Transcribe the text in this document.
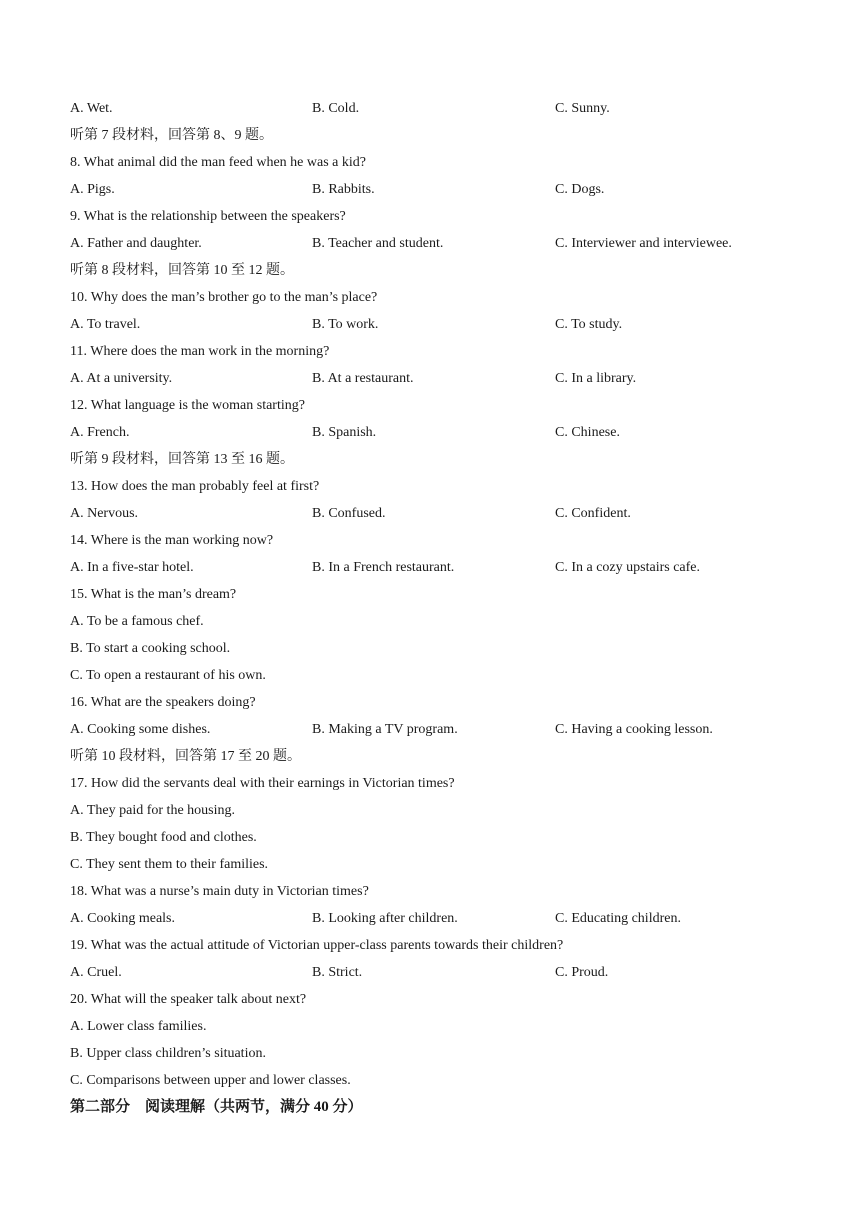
A. Wet.	B. Cold.	C. Sunny.
听第 7 段材料，回答第 8、9 题。
8. What animal did the man feed when he was a kid?
A. Pigs.	B. Rabbits.	C. Dogs.
9. What is the relationship between the speakers?
A. Father and daughter.	B. Teacher and student.	C. Interviewer and interviewee.
听第 8 段材料，回答第 10 至 12 题。
10. Why does the man’s brother go to the man’s place?
A. To travel.	B. To work.	C. To study.
11. Where does the man work in the morning?
A. At a university.	B. At a restaurant.	C. In a library.
12. What language is the woman starting?
A. French.	B. Spanish.	C. Chinese.
听第 9 段材料，回答第 13 至 16 题。
13. How does the man probably feel at first?
A. Nervous.	B. Confused.	C. Confident.
14. Where is the man working now?
A. In a five-star hotel.	B. In a French restaurant.	C. In a cozy upstairs cafe.
15. What is the man’s dream?
A. To be a famous chef.
B. To start a cooking school.
C. To open a restaurant of his own.
16. What are the speakers doing?
A. Cooking some dishes.	B. Making a TV program.	C. Having a cooking lesson.
听第 10 段材料，回答第 17 至 20 题。
17. How did the servants deal with their earnings in Victorian times?
A. They paid for the housing.
B. They bought food and clothes.
C. They sent them to their families.
18. What was a nurse’s main duty in Victorian times?
A. Cooking meals.	B. Looking after children.	C. Educating children.
19. What was the actual attitude of Victorian upper-class parents towards their children?
A. Cruel.	B. Strict.	C. Proud.
20. What will the speaker talk about next?
A. Lower class families.
B. Upper class children’s situation.
C. Comparisons between upper and lower classes.
第二部分　阅读理解（共两节，满分 40 分）
